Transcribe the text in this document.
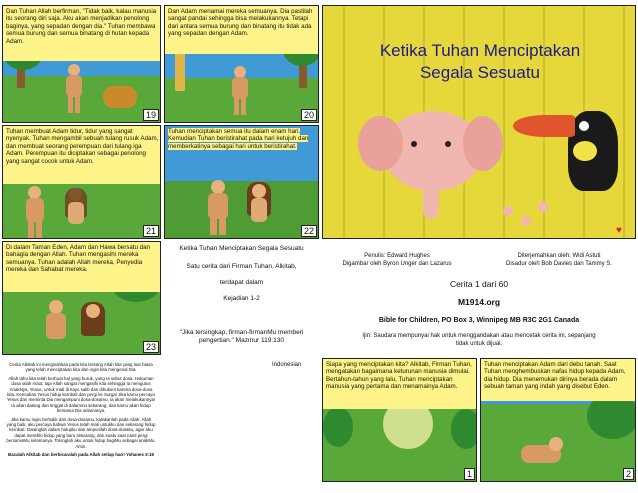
Dan Tuhan Allah berfirman, "Tidak baik, kalau manusia itu seorang diri saja. Aku akan menjadikan penolong baginya, yang sepadan dengan dia." Tuhan membawa semua burung dan semua binatang di hutan kepada Adam.
19
Dan Adam menamai mereka semuanya. Dia pastilah sangat pandai sehingga bisa melakukannya. Tetapi dari antara semua burung dan binatang itu tidak ada yang sepadan dengan Adam.
20
Ketika Tuhan Menciptakan
Segala Sesuatu
♥
Tuhan membuat Adam tidur, tidur yang sangat nyenyak. Tuhan mengambil sebuah tulang rusuk Adam, dan membuat seorang perempuan dari tulang iga Adam. Perempuan itu diciptakan sebagai penolong yang sangat cocok untuk Adam.
21
Tuhan menciptakan semua itu dalam enam hari. Kemudian Tuhan beristirahat pada hari ketujuh dan memberkatinya sebagai hari untuk beristirahat.
22
Di dalam Taman Eden, Adam dan Hawa bersatu dan bahagia dengan Allah. Tuhan mengasihi mereka semuanya. Tuhan adalah Allah mereka, Penyedia mereka dan Sahabat mereka.
23
Ketika Tuhan Menciptakan Segala Sesuatu
Satu cerita dari Firman Tuhan, Alkitab,
terdapat dalam
Kejadian 1-2
"Jika tersingkap, firman-firmanMu memberi pengertian." Mazmur 119:130
Penulis: Edward Hughes
Digambar oleh Byron Unger dan Lazarus
Diterjemahkan oleh: Widi Astuti
Disadur oleh Bob Davies dan Tammy S.
Cerita 1 dari 60
M1914.org
Bible for Children, PO Box 3, Winnipeg MB R3C 2G1 Canada
Ijin: Saudara mempunyai hak untuk menggandakan atau mencetak cerita ini, sepanjang tidak untuk dijual.
Cerita Alkitab ini mengisahkan pada kita tentang Allah kita yang luar biasa yang telah menciptakan kita dan ingin kita mengenal Dia.
Allah tahu kita telah berbuat hal yang buruk, yang Ia sebut dosa. Hukuman dosa ialah maut, tapi Allah sangat mengasihi kita sehingga Ia mengutus AnakNya, Yesus, untuk mati di kayu salib dan dihukum karena dosa-dosa kita. Kemudian Yesus hidup kembali dan pergi ke Surga! Jika kamu percaya Yesus dan meminta Dia mengampuni dosa-dosamu, Ia akan melakukannya! Ia akan datang dan tinggal di dalammu sekarang, dan kamu akan hidup bersama Dia selamanya.
Jika kamu ingin berbalik dari dosa-dosamu, katakanlah pada Allah: Allah yang baik, aku percaya bahwa Yesus telah mati untukku dan sekarang hidup kembali. Datanglah dalam hidupku dan ampunilah dosa-dosaku, agar aku dapat memiliki hidup yang baru sekarang, dan suatu saat nanti pergi bersamaMu selamanya. Tolonglah aku untuk hidup bagiMu sebagai anakMu. Amin.
Bacalah Alkitab dan berbicaralah pada Allah setiap hari! Yohanes 3:16
Indonesian	Siapa yang menciptakan kita? Alkitab, Firman Tuhan, mengatakan bagaimana keturunan manusia dimulai. Bertahun-tahun yang lalu, Tuhan menciptakan manusia yang pertama dan menamainya Adam.
1
Tuhan menciptakan Adam dari debu tanah. Saat Tuhan menghembuskan nafas hidup kepada Adam, dia hidup. Dia menemukan dirinya berada dalam sebuah taman yang indah yang disebut Eden.
2
